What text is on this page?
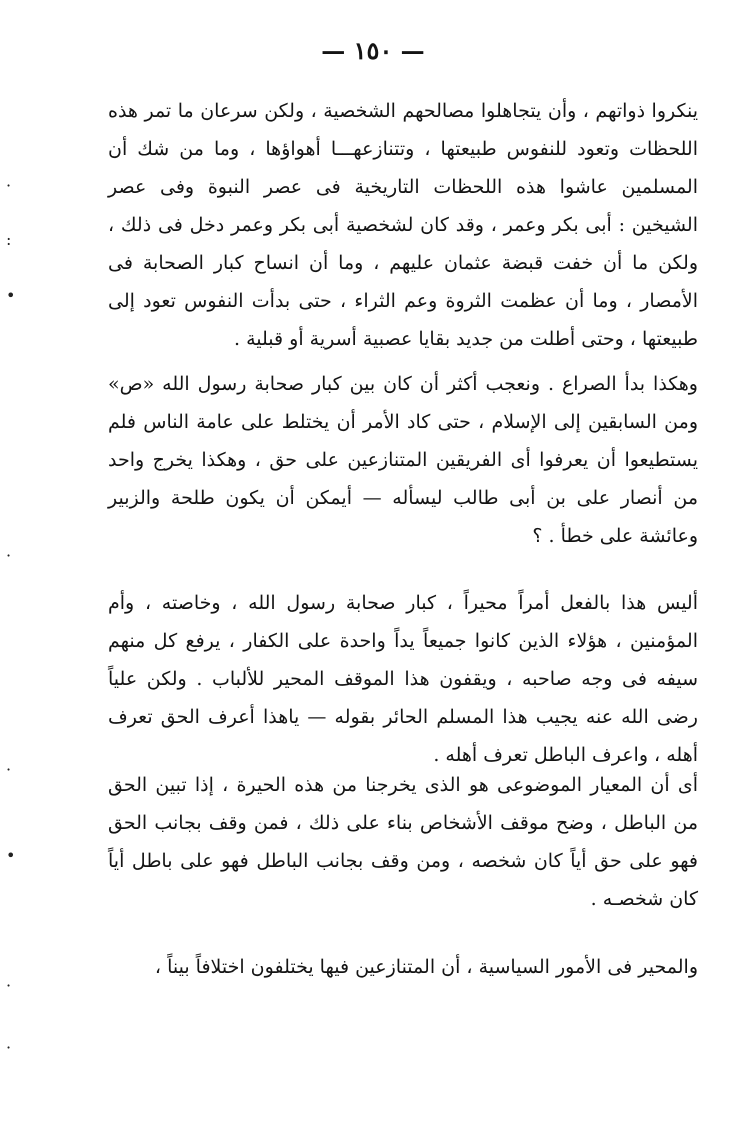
— ١٥٠ —

ينكروا ذواتهم ، وأن يتجاهلوا مصالحهم الشخصية ، ولكن سرعان ما تمر هذه اللحظات وتعود للنفوس طبيعتها ، وتتنازعهـــا أهواؤها ، وما من شك أن المسلمين عاشوا هذه اللحظات التاريخية فى عصر النبوة وفى عصر الشيخين : أبى بكر وعمر ، وقد كان لشخصية أبى بكر وعمر دخل فى ذلك ، ولكن ما أن خفت قبضة عثمان عليهم ، وما أن انساح كبار الصحابة فى الأمصار ، وما أن عظمت الثروة وعم الثراء ، حتى بدأت النفوس تعود إلى طبيعتها ، وحتى أطلت من جديد بقايا عصبية أسرية أو قبلية .

وهكذا بدأ الصراع . ونعجب أكثر أن كان بين كبار صحابة رسول الله «ص» ومن السابقين إلى الإسلام ، حتى كاد الأمر أن يختلط على عامة الناس فلم يستطيعوا أن يعرفوا أى الفريقين المتنازعين على حق ، وهكذا يخرج واحد من أنصار على بن أبى طالب ليسأله — أيمكن أن يكون طلحة والزبير وعائشة على خطأ . ؟

أليس هذا بالفعل أمراً محيراً ، كبار صحابة رسول الله ، وخاصته ، وأم المؤمنين ، هؤلاء الذين كانوا جميعاً يداً واحدة على الكفار ، يرفع كل منهم سيفه فى وجه صاحبه ، ويقفون هذا الموقف المحير للألباب . ولكن علياً رضى الله عنه يجيب هذا المسلم الحائر بقوله — ياهذا أعرف الحق تعرف أهله ، واعرف الباطل تعرف أهله .

أى أن المعيار الموضوعى هو الذى يخرجنا من هذه الحيرة ، إذا تبين الحق من الباطل ، وضح موقف الأشخاص بناء على ذلك ، فمن وقف بجانب الحق فهو على حق أياً كان شخصه ، ومن وقف بجانب الباطل فهو على باطل أياً كان شخصـه .

والمحير فى الأمور السياسية ، أن المتنازعين فيها يختلفون اختلافاً بيناً ،

·
:
•
·
·
•
·
·
